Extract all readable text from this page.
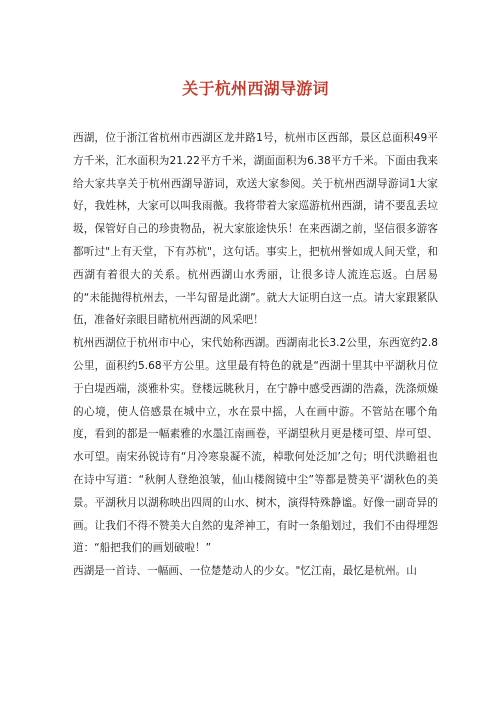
关于杭州西湖导游词

西湖，位于浙江省杭州市西湖区龙井路1号，杭州市区西部，景区总面积49平方千米，汇水面积为21.22平方千米，湖面面积为6.38平方千米。下面由我来给大家共享关于杭州西湖导游词，欢送大家参阅。关于杭州西湖导游词1大家好，我姓林，大家可以叫我雨薇。我将带着大家巡游杭州西湖，请不要乱丢垃圾，保管好自己的珍贵物品，祝大家旅途快乐！在来西湖之前，坚信很多游客都听过"上有天堂，下有苏杭"，这句话。事实上，把杭州誉如成人间天堂，和西湖有着很大的关系。杭州西湖山水秀丽，让很多诗人流连忘返。白居易的“未能抛得杭州去，一半勾留是此湖”。就大大证明白这一点。请大家跟紧队伍，准备好亲眼目睹杭州西湖的风采吧！

杭州西湖位于杭州市中心，宋代始称西湖。西湖南北长3.2公里，东西宽约2.8公里，面积约5.68平方公里。这里最有特色的就是“西湖十里其中平湖秋月位于白堤西端，淡雅朴实。登楼远眺秋月，在宁静中感受西湖的浩淼，洗涤烦燥的心境，使人倍感景在城中立，水在景中摇，人在画中游。不管站在哪个角度，看到的都是一幅素雅的水墨江南画卷，平湖望秋月更是楼可望、岸可望、水可望。南宋孙锐诗有“月冷寒泉凝不流，棹歌何处泛加’之句；明代洪瞻祖也在诗中写道：“秋舸人登绝浪皱，仙山楼阁镜中尘”等都是赞美平’湖秋色的美景。平湖秋月以湖称映出四周的山水、树木，演得特殊静谧。好像一副奇异的画。让我们不得不赞美大自然的鬼斧神工，有时一条船划过，我们不由得埋怨道：“船把我们的画划破啦！”

西湖是一首诗、一幅画、一位楚楚动人的少女。"忆江南，最忆是杭州。山
